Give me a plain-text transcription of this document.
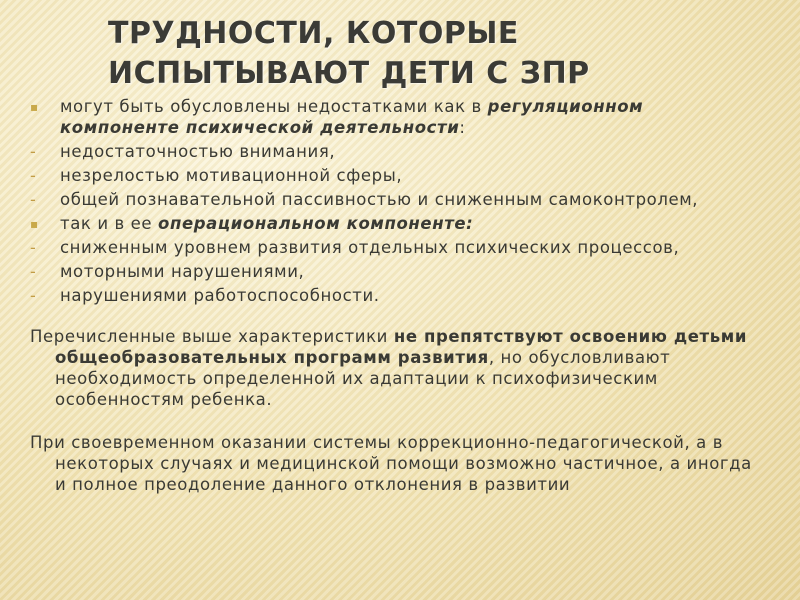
ТРУДНОСТИ, КОТОРЫЕ ИСПЫТЫВАЮТ ДЕТИ С ЗПР
▪	могут быть обусловлены недостатками как в регуляционном компоненте психической деятельности:
-	недостаточностью внимания,
-	незрелостью мотивационной сферы,
-	общей познавательной пассивностью и сниженным самоконтролем,
▪	так и в ее операциональном компоненте:
-	сниженным уровнем развития отдельных психических процессов,
-	моторными нарушениями,
-	нарушениями работоспособности.
Перечисленные выше характеристики не препятствуют освоению детьми общеобразовательных программ развития, но обусловливают необходимость определенной их адаптации к психофизическим особенностям ребенка.
При своевременном оказании системы коррекционно-педагогической, а в некоторых случаях и медицинской помощи возможно частичное, а иногда и полное преодоление данного отклонения в развитии
